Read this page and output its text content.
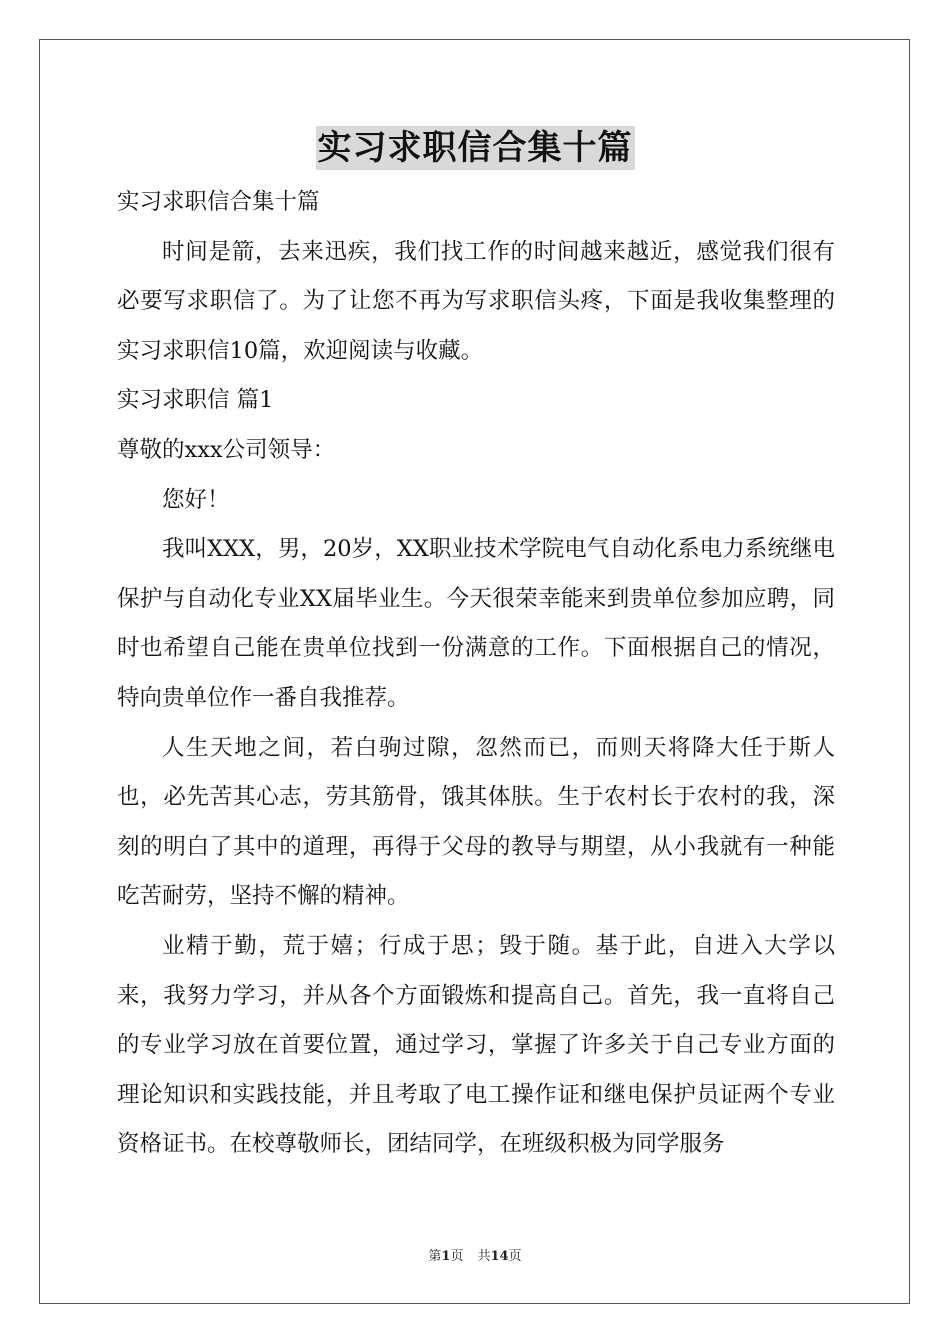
实习求职信合集十篇

实习求职信合集十篇

时间是箭，去来迅疾，我们找工作的时间越来越近，感觉我们很有必要写求职信了。为了让您不再为写求职信头疼，下面是我收集整理的实习求职信10篇，欢迎阅读与收藏。

实习求职信 篇1

尊敬的xxx公司领导：

您好！

我叫XXX，男，20岁，XX职业技术学院电气自动化系电力系统继电保护与自动化专业XX届毕业生。今天很荣幸能来到贵单位参加应聘，同时也希望自己能在贵单位找到一份满意的工作。下面根据自己的情况，特向贵单位作一番自我推荐。

人生天地之间，若白驹过隙，忽然而已，而则天将降大任于斯人也，必先苦其心志，劳其筋骨，饿其体肤。生于农村长于农村的我，深刻的明白了其中的道理，再得于父母的教导与期望，从小我就有一种能吃苦耐劳，坚持不懈的精神。

业精于勤，荒于嬉；行成于思；毁于随。基于此，自进入大学以来，我努力学习，并从各个方面锻炼和提高自己。首先，我一直将自己的专业学习放在首要位置，通过学习，掌握了许多关于自己专业方面的理论知识和实践技能，并且考取了电工操作证和继电保护员证两个专业资格证书。在校尊敬师长，团结同学，在班级积极为同学服务

第1页 共14页
